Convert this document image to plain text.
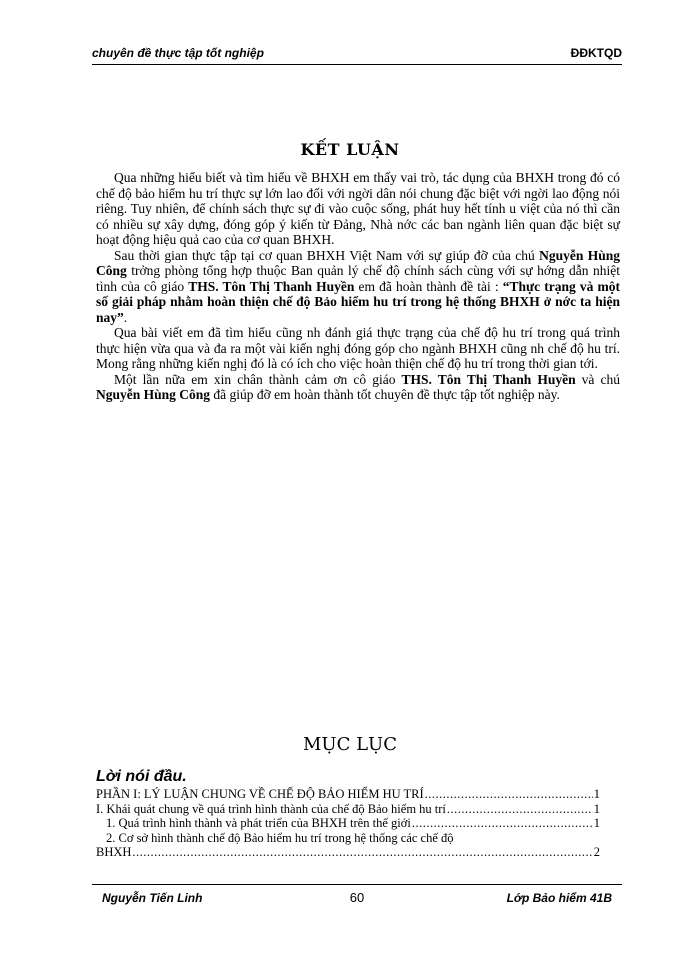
chuyên đề thực tập tốt nghiệp	ĐĐKTQD
KẾT LUẬN

Qua những hiểu biết và tìm hiểu về BHXH em thấy vai trò, tác dụng của BHXH trong đó có chế độ bảo hiểm hu trí thực sự lớn lao đối với ngời dân nói chung đặc biệt với ngời lao động nói riêng. Tuy nhiên, để chính sách thực sự đi vào cuộc sống, phát huy hết tính u việt của nó thì cần có nhiều sự xây dựng, đóng góp ý kiến từ Đảng, Nhà nớc các ban ngành liên quan đặc biệt sự hoạt động hiệu quả cao của cơ quan BHXH.

Sau thời gian thực tập tại cơ quan BHXH Việt Nam với sự giúp đỡ của chú Nguyễn Hùng Công trởng phòng tổng hợp thuộc Ban quản lý chế độ chính sách cùng với sự hớng dẫn nhiệt tình của cô giáo THS. Tôn Thị Thanh Huyền em đã hoàn thành đề tài : “Thực trạng và một số giải pháp nhằm hoàn thiện chế độ Bảo hiểm hu trí trong hệ thống BHXH ở nớc ta hiện nay”.

Qua bài viết em đã tìm hiểu cũng nh đánh giá thực trạng của chế độ hu trí trong quá trình thực hiện vừa qua và đa ra một vài kiến nghị đóng góp cho ngành BHXH cũng nh chế độ hu trí. Mong rằng những kiến nghị đó là có ích cho việc hoàn thiện chế độ hu trí trong thời gian tới.

Một lần nữa em xin chân thành cảm ơn cô giáo THS. Tôn Thị Thanh Huyền và chú Nguyễn Hùng Công đã giúp đỡ em hoàn thành tốt chuyên đề thực tập tốt nghiệp này.

MỤC LỤC
Lời nói đầu.
PHẦN I: LÝ LUẬN CHUNG VỀ CHẾ ĐỘ BẢO HIỂM HU TRÍ .....	1
I. Khái quát chung về quá trình hình thành của chế độ Bảo hiểm hu trí .....	1
1. Quá trình hình thành và phát triển của BHXH trên thế giới .....	1
2. Cơ sở hình thành chế độ Bảo hiểm hu trí trong hệ thống các chế độ
BHXH .....	2
Nguyễn Tiến Linh	60	Lớp Bảo hiểm 41B
